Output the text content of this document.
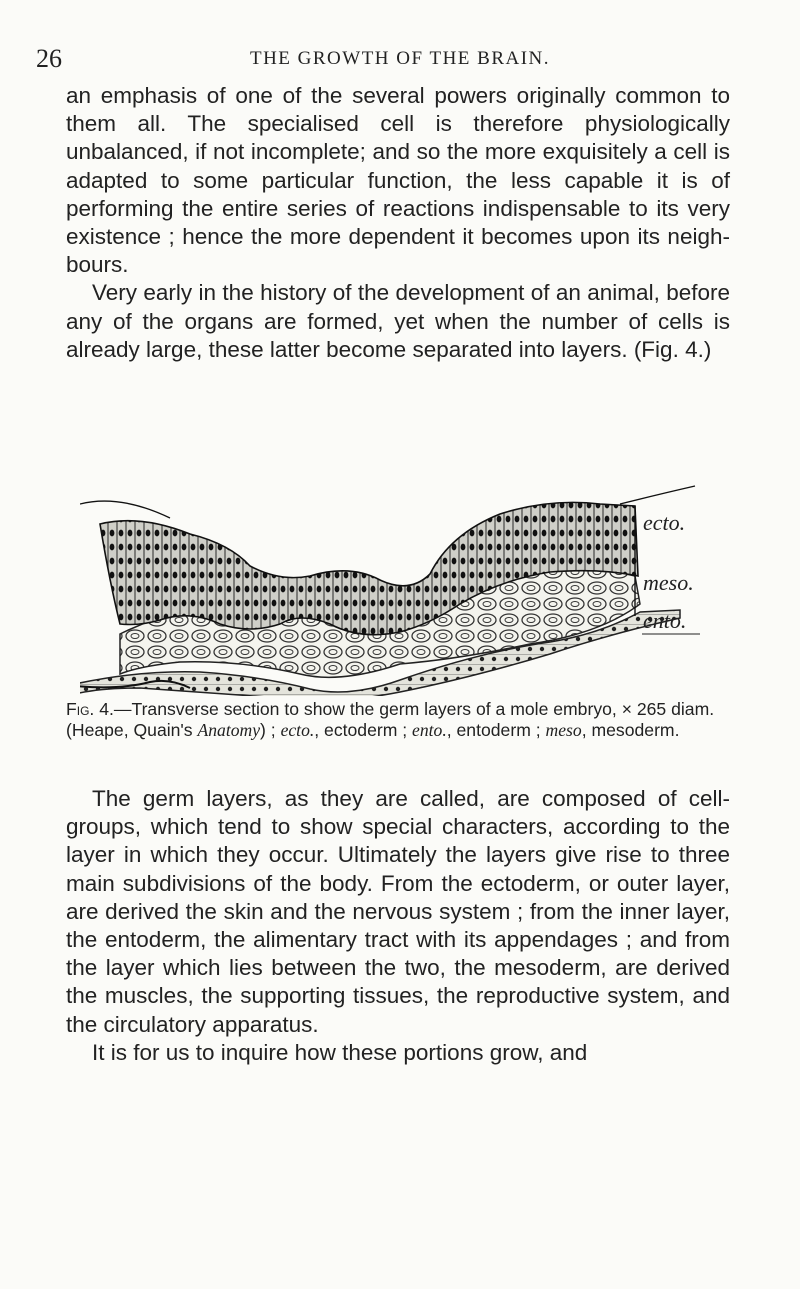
26	THE GROWTH OF THE BRAIN.

an emphasis of one of the several powers originally common to them all. The specialised cell is therefore physiologically unbalanced, if not incomplete; and so the more exquisitely a cell is adapted to some particular function, the less capable it is of performing the entire series of reactions indispensable to its very existence ; hence the more dependent it becomes upon its neighbours.

Very early in the history of the development of an animal, before any of the organs are formed, yet when the number of cells is already large, these latter become separated into layers. (Fig. 4.)

ecto.
meso.
ento.
Fig. 4.—Transverse section to show the germ layers of a mole embryo, × 265 diam. (Heape, Quain's Anatomy) ; ecto., ectoderm ; ento., entoderm ; meso, mesoderm.

The germ layers, as they are called, are composed of cell-groups, which tend to show special characters, according to the layer in which they occur. Ultimately the layers give rise to three main subdivisions of the body. From the ectoderm, or outer layer, are derived the skin and the nervous system ; from the inner layer, the entoderm, the alimentary tract with its appendages ; and from the layer which lies between the two, the mesoderm, are derived the muscles, the supporting tissues, the reproductive system, and the circulatory apparatus.

It is for us to inquire how these portions grow, and
